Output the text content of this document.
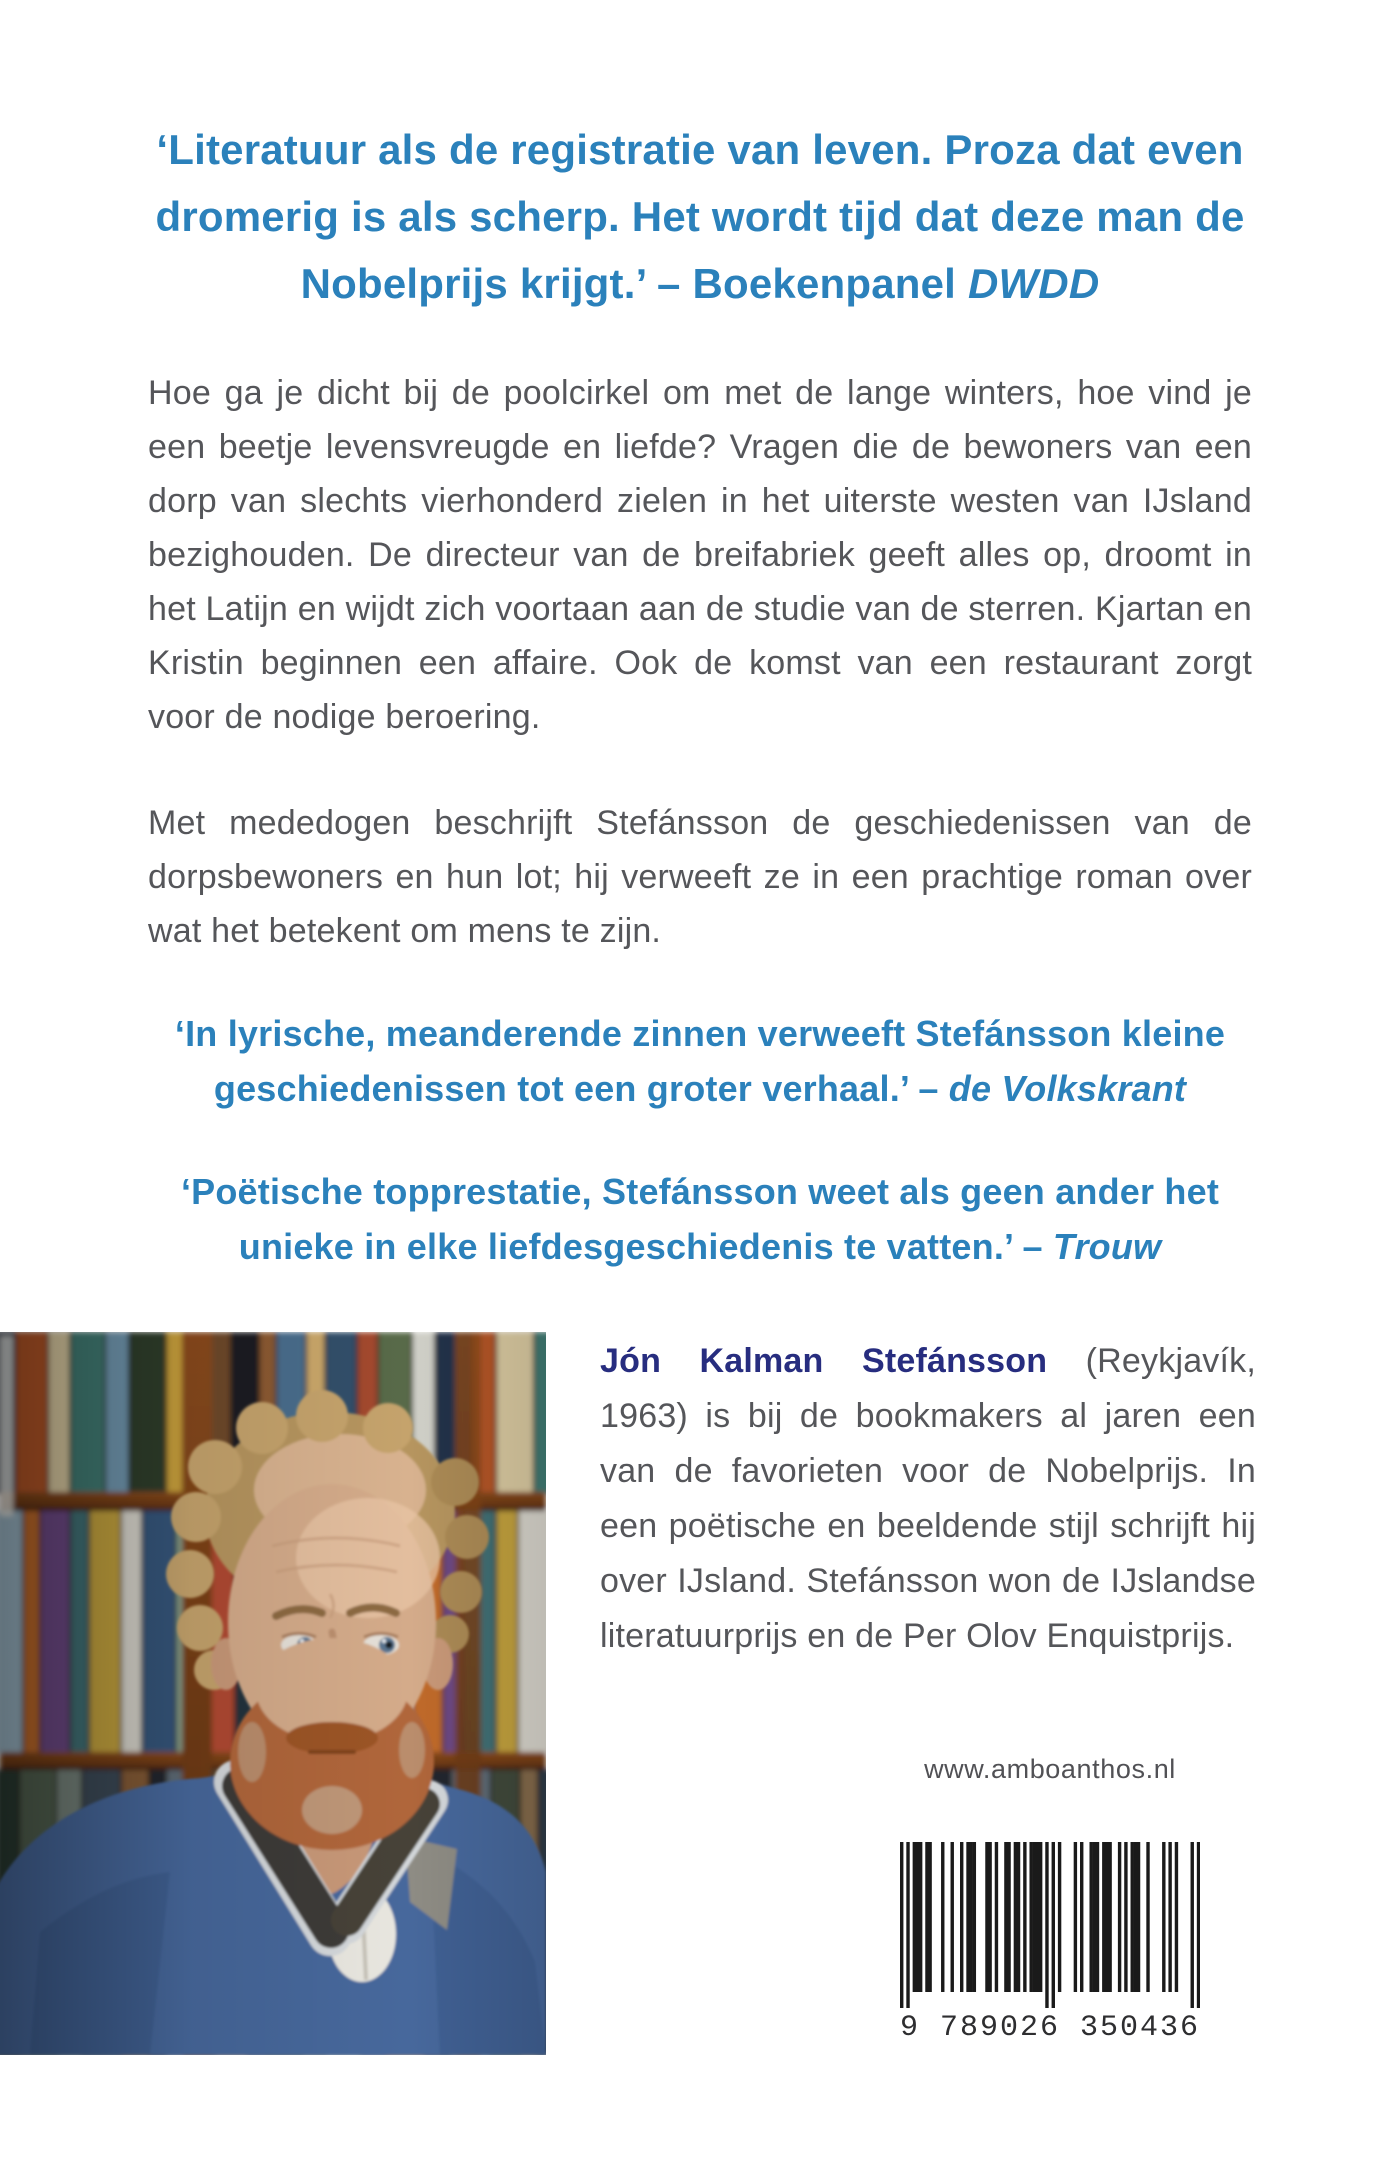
‘Literatuur als de registratie van leven. Proza dat even dromerig is als scherp. Het wordt tijd dat deze man de Nobelprijs krijgt.’ – Boekenpanel DWDD
Hoe ga je dicht bij de poolcirkel om met de lange winters, hoe vind je een beetje levensvreugde en liefde? Vragen die de bewoners van een dorp van slechts vierhonderd zielen in het uiterste westen van IJsland bezighouden. De directeur van de breifabriek geeft alles op, droomt in het Latijn en wijdt zich voortaan aan de studie van de sterren. Kjartan en Kristin beginnen een affaire. Ook de komst van een restaurant zorgt voor de nodige beroering.
Met mededogen beschrijft Stefánsson de geschiedenissen van de dorpsbewoners en hun lot; hij verweeft ze in een prachtige roman over wat het betekent om mens te zijn.
‘In lyrische, meanderende zinnen verweeft Stefánsson kleine geschiedenissen tot een groter verhaal.’ – de Volkskrant
‘Poëtische topprestatie, Stefánsson weet als geen ander het unieke in elke liefdesgeschiedenis te vatten.’ – Trouw
Jón Kalman Stefánsson (Reykjavík, 1963) is bij de bookmakers al jaren een van de favorieten voor de Nobelprijs. In een poëtische en beeldende stijl schrijft hij over IJsland. Stefánsson won de IJslandse literatuurprijs en de Per Olov Enquistprijs.
www.amboanthos.nl
9 789026 350436
